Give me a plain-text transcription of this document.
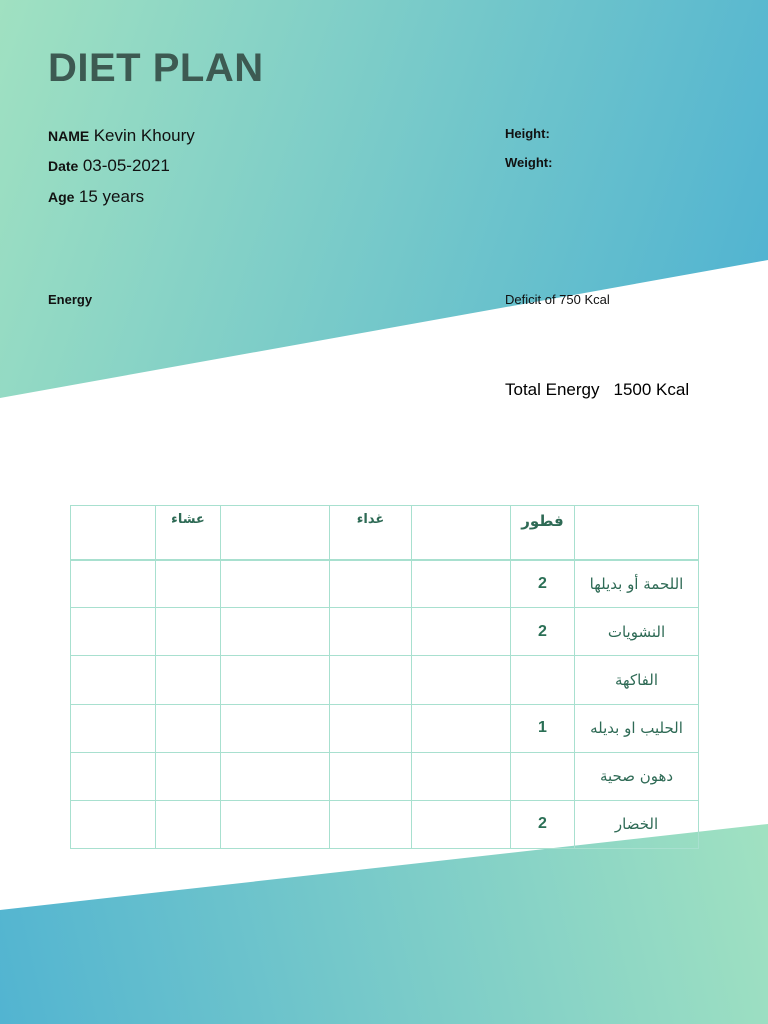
DIET PLAN
NAME Kevin Khoury
Date 03-05-2021
Age 15 years
Height:
Weight:
Energy	Deficit of 750 Kcal
Total Energy 1500 Kcal
	عشاء		غداء		فطور	
					2	اللحمة أو بديلها
					2	النشويات
						الفاكهة
					1	الحليب او بديله
						دهون صحية
					2	الخضار
